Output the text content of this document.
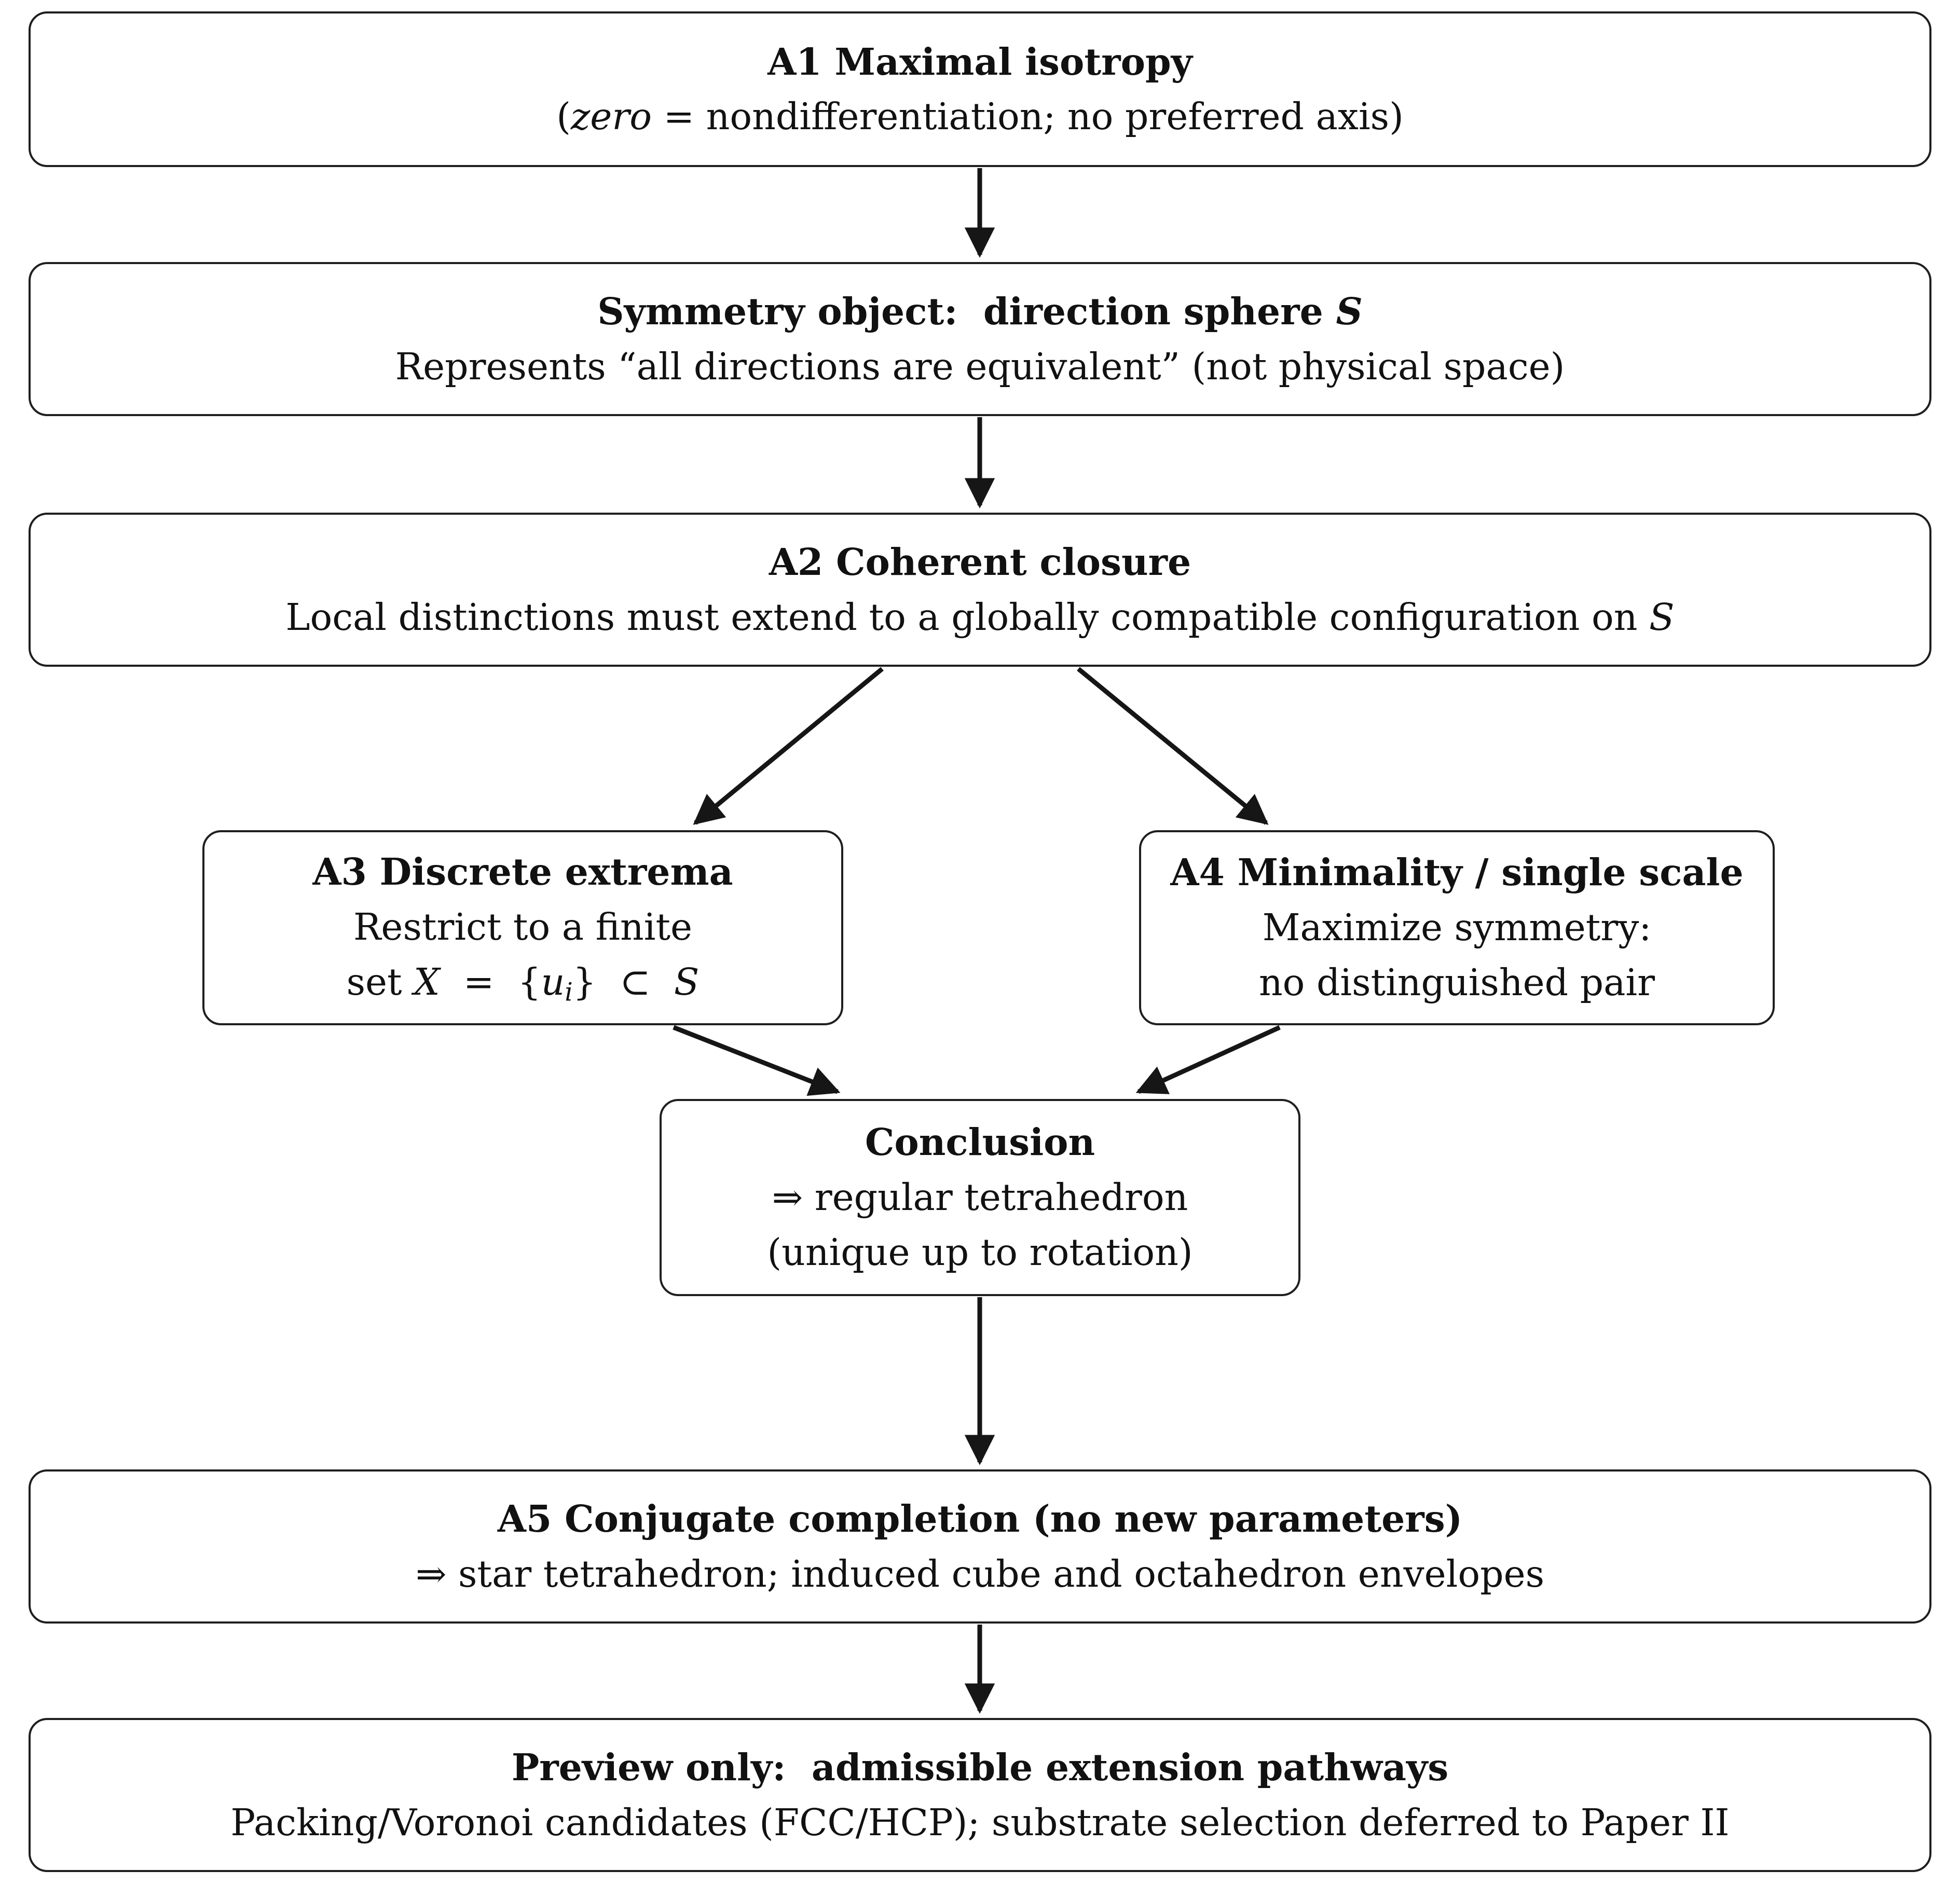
A1 Maximal isotropy
(zero = nondifferentiation; no preferred axis)
Symmetry object:  direction sphere S
Represents “all directions are equivalent” (not physical space)
A2 Coherent closure
Local distinctions must extend to a globally compatible configuration on S
A3 Discrete extrema
Restrict to a finite
set X  =  {ui}  ⊂  S
A4 Minimality / single scale
Maximize symmetry:
no distinguished pair
Conclusion
⇒ regular tetrahedron
(unique up to rotation)
A5 Conjugate completion (no new parameters)
⇒ star tetrahedron; induced cube and octahedron envelopes
Preview only:  admissible extension pathways
Packing/Voronoi candidates (FCC/HCP); substrate selection deferred to Paper II
